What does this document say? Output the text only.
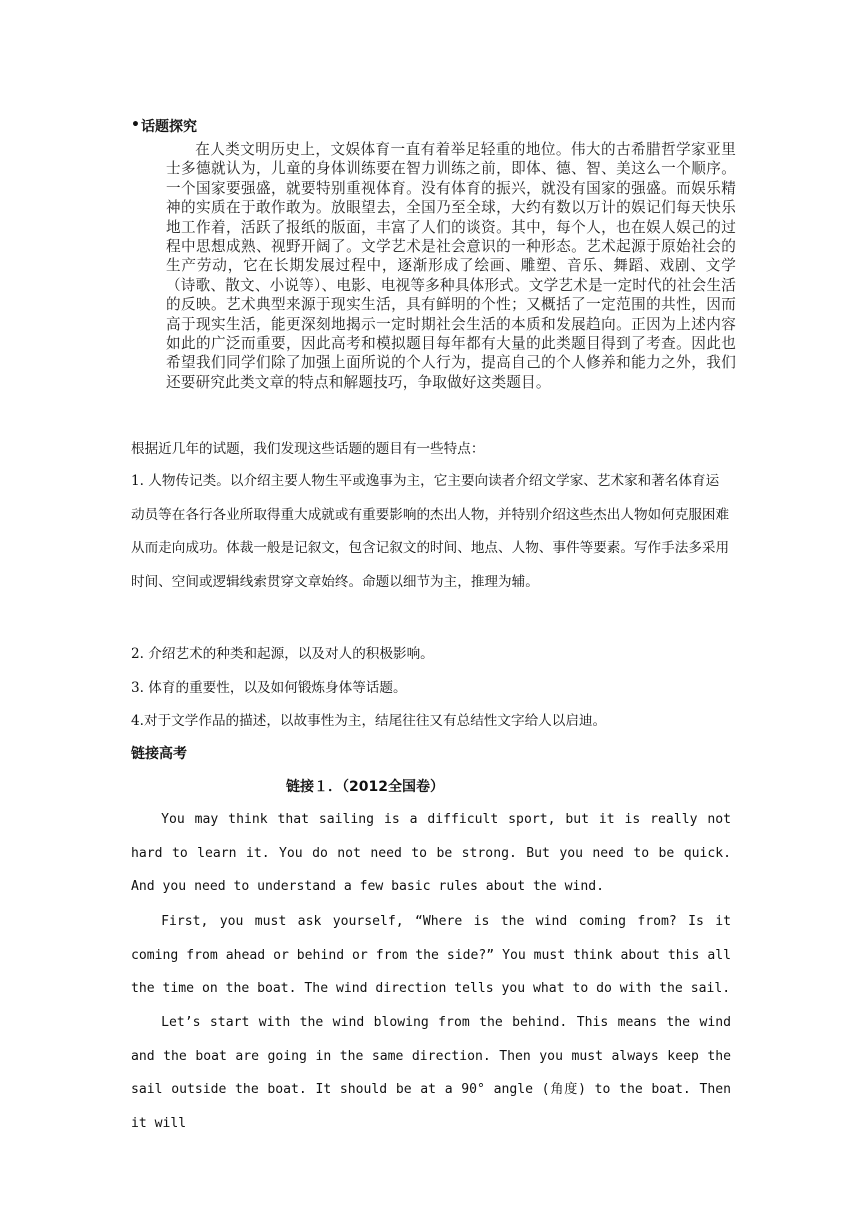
• 话题探究
在人类文明历史上，文娱体育一直有着举足轻重的地位。伟大的古希腊哲学家亚里士多德就认为，儿童的身体训练要在智力训练之前，即体、德、智、美这么一个顺序。一个国家要强盛，就要特别重视体育。没有体育的振兴，就没有国家的强盛。而娱乐精神的实质在于敢作敢为。放眼望去，全国乃至全球，大约有数以万计的娱记们每天快乐地工作着，活跃了报纸的版面，丰富了人们的谈资。其中，每个人，也在娱人娱己的过程中思想成熟、视野开阔了。文学艺术是社会意识的一种形态。艺术起源于原始社会的生产劳动，它在长期发展过程中，逐渐形成了绘画、雕塑、音乐、舞蹈、戏剧、文学（诗歌、散文、小说等）、电影、电视等多种具体形式。文学艺术是一定时代的社会生活的反映。艺术典型来源于现实生活，具有鲜明的个性；又概括了一定范围的共性，因而高于现实生活，能更深刻地揭示一定时期社会生活的本质和发展趋向。正因为上述内容如此的广泛而重要，因此高考和模拟题目每年都有大量的此类题目得到了考查。因此也希望我们同学们除了加强上面所说的个人行为，提高自己的个人修养和能力之外，我们还要研究此类文章的特点和解题技巧，争取做好这类题目。
根据近几年的试题，我们发现这些话题的题目有一些特点：
1. 人物传记类。以介绍主要人物生平或逸事为主，它主要向读者介绍文学家、艺术家和著名体育运动员等在各行各业所取得重大成就或有重要影响的杰出人物，并特别介绍这些杰出人物如何克服困难从而走向成功。体裁一般是记叙文，包含记叙文的时间、地点、人物、事件等要素。写作手法多采用时间、空间或逻辑线索贯穿文章始终。命题以细节为主，推理为辅。
2. 介绍艺术的种类和起源，以及对人的积极影响。
3. 体育的重要性，以及如何锻炼身体等话题。
4.对于文学作品的描述，以故事性为主，结尾往往又有总结性文字给人以启迪。
链接高考
链接１．（2012全国卷）
You may think that sailing is a difficult sport, but it is really not hard to learn it. You do not need to be strong. But you need to be quick. And you need to understand a few basic rules about the wind.
First, you must ask yourself, “Where is the wind coming from? Is it coming from ahead or behind or from the side?” You must think about this all the time on the boat. The wind direction tells you what to do with the sail.
Let’s start with the wind blowing from the behind. This means the wind and the boat are going in the same direction. Then you must always keep the sail outside the boat. It should be at a 90° angle (角度) to the boat. Then it will
